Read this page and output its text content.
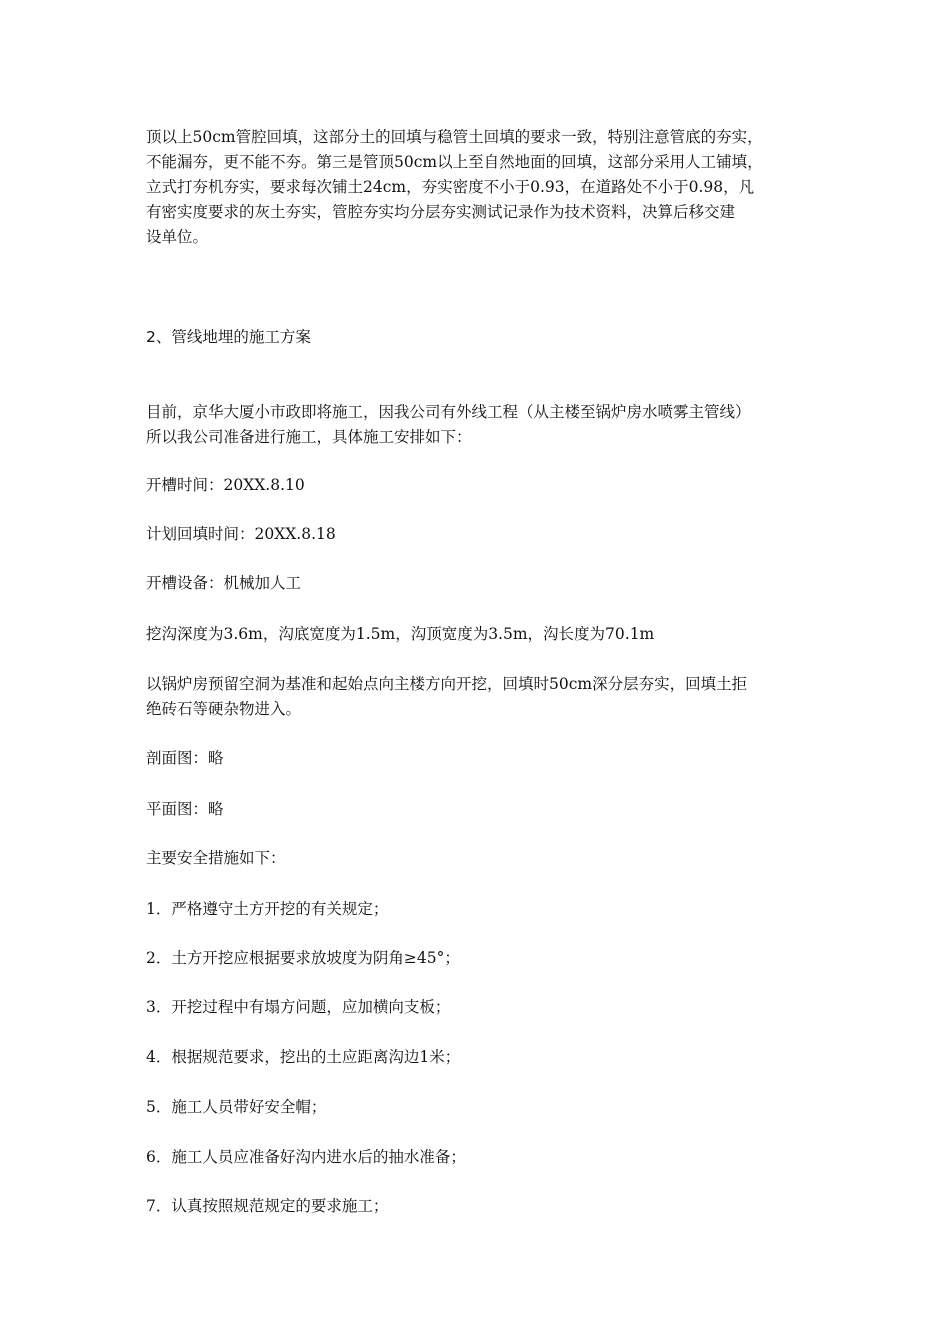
顶以上50cm管腔回填，这部分土的回填与稳管土回填的要求一致，特别注意管底的夯实，
不能漏夯，更不能不夯。第三是管顶50cm以上至自然地面的回填，这部分采用人工铺填，
立式打夯机夯实，要求每次铺土24cm，夯实密度不小于0.93，在道路处不小于0.98，凡
有密实度要求的灰土夯实，管腔夯实均分层夯实测试记录作为技术资料，决算后移交建
设单位。

2、管线地埋的施工方案

目前，京华大厦小市政即将施工，因我公司有外线工程（从主楼至锅炉房水喷雾主管线）
所以我公司准备进行施工，具体施工安排如下：

开槽时间：20XX.8.10

计划回填时间：20XX.8.18

开槽设备：机械加人工

挖沟深度为3.6m，沟底宽度为1.5m，沟顶宽度为3.5m，沟长度为70.1m

以锅炉房预留空洞为基准和起始点向主楼方向开挖，回填时50cm深分层夯实，回填土拒
绝砖石等硬杂物进入。

剖面图：略

平面图：略

主要安全措施如下：

1．严格遵守土方开挖的有关规定；

2．土方开挖应根据要求放坡度为阴角≥45°；

3．开挖过程中有塌方问题，应加横向支板；

4．根据规范要求，挖出的土应距离沟边1米；

5．施工人员带好安全帽；

6．施工人员应准备好沟内进水后的抽水准备；

7．认真按照规范规定的要求施工；
